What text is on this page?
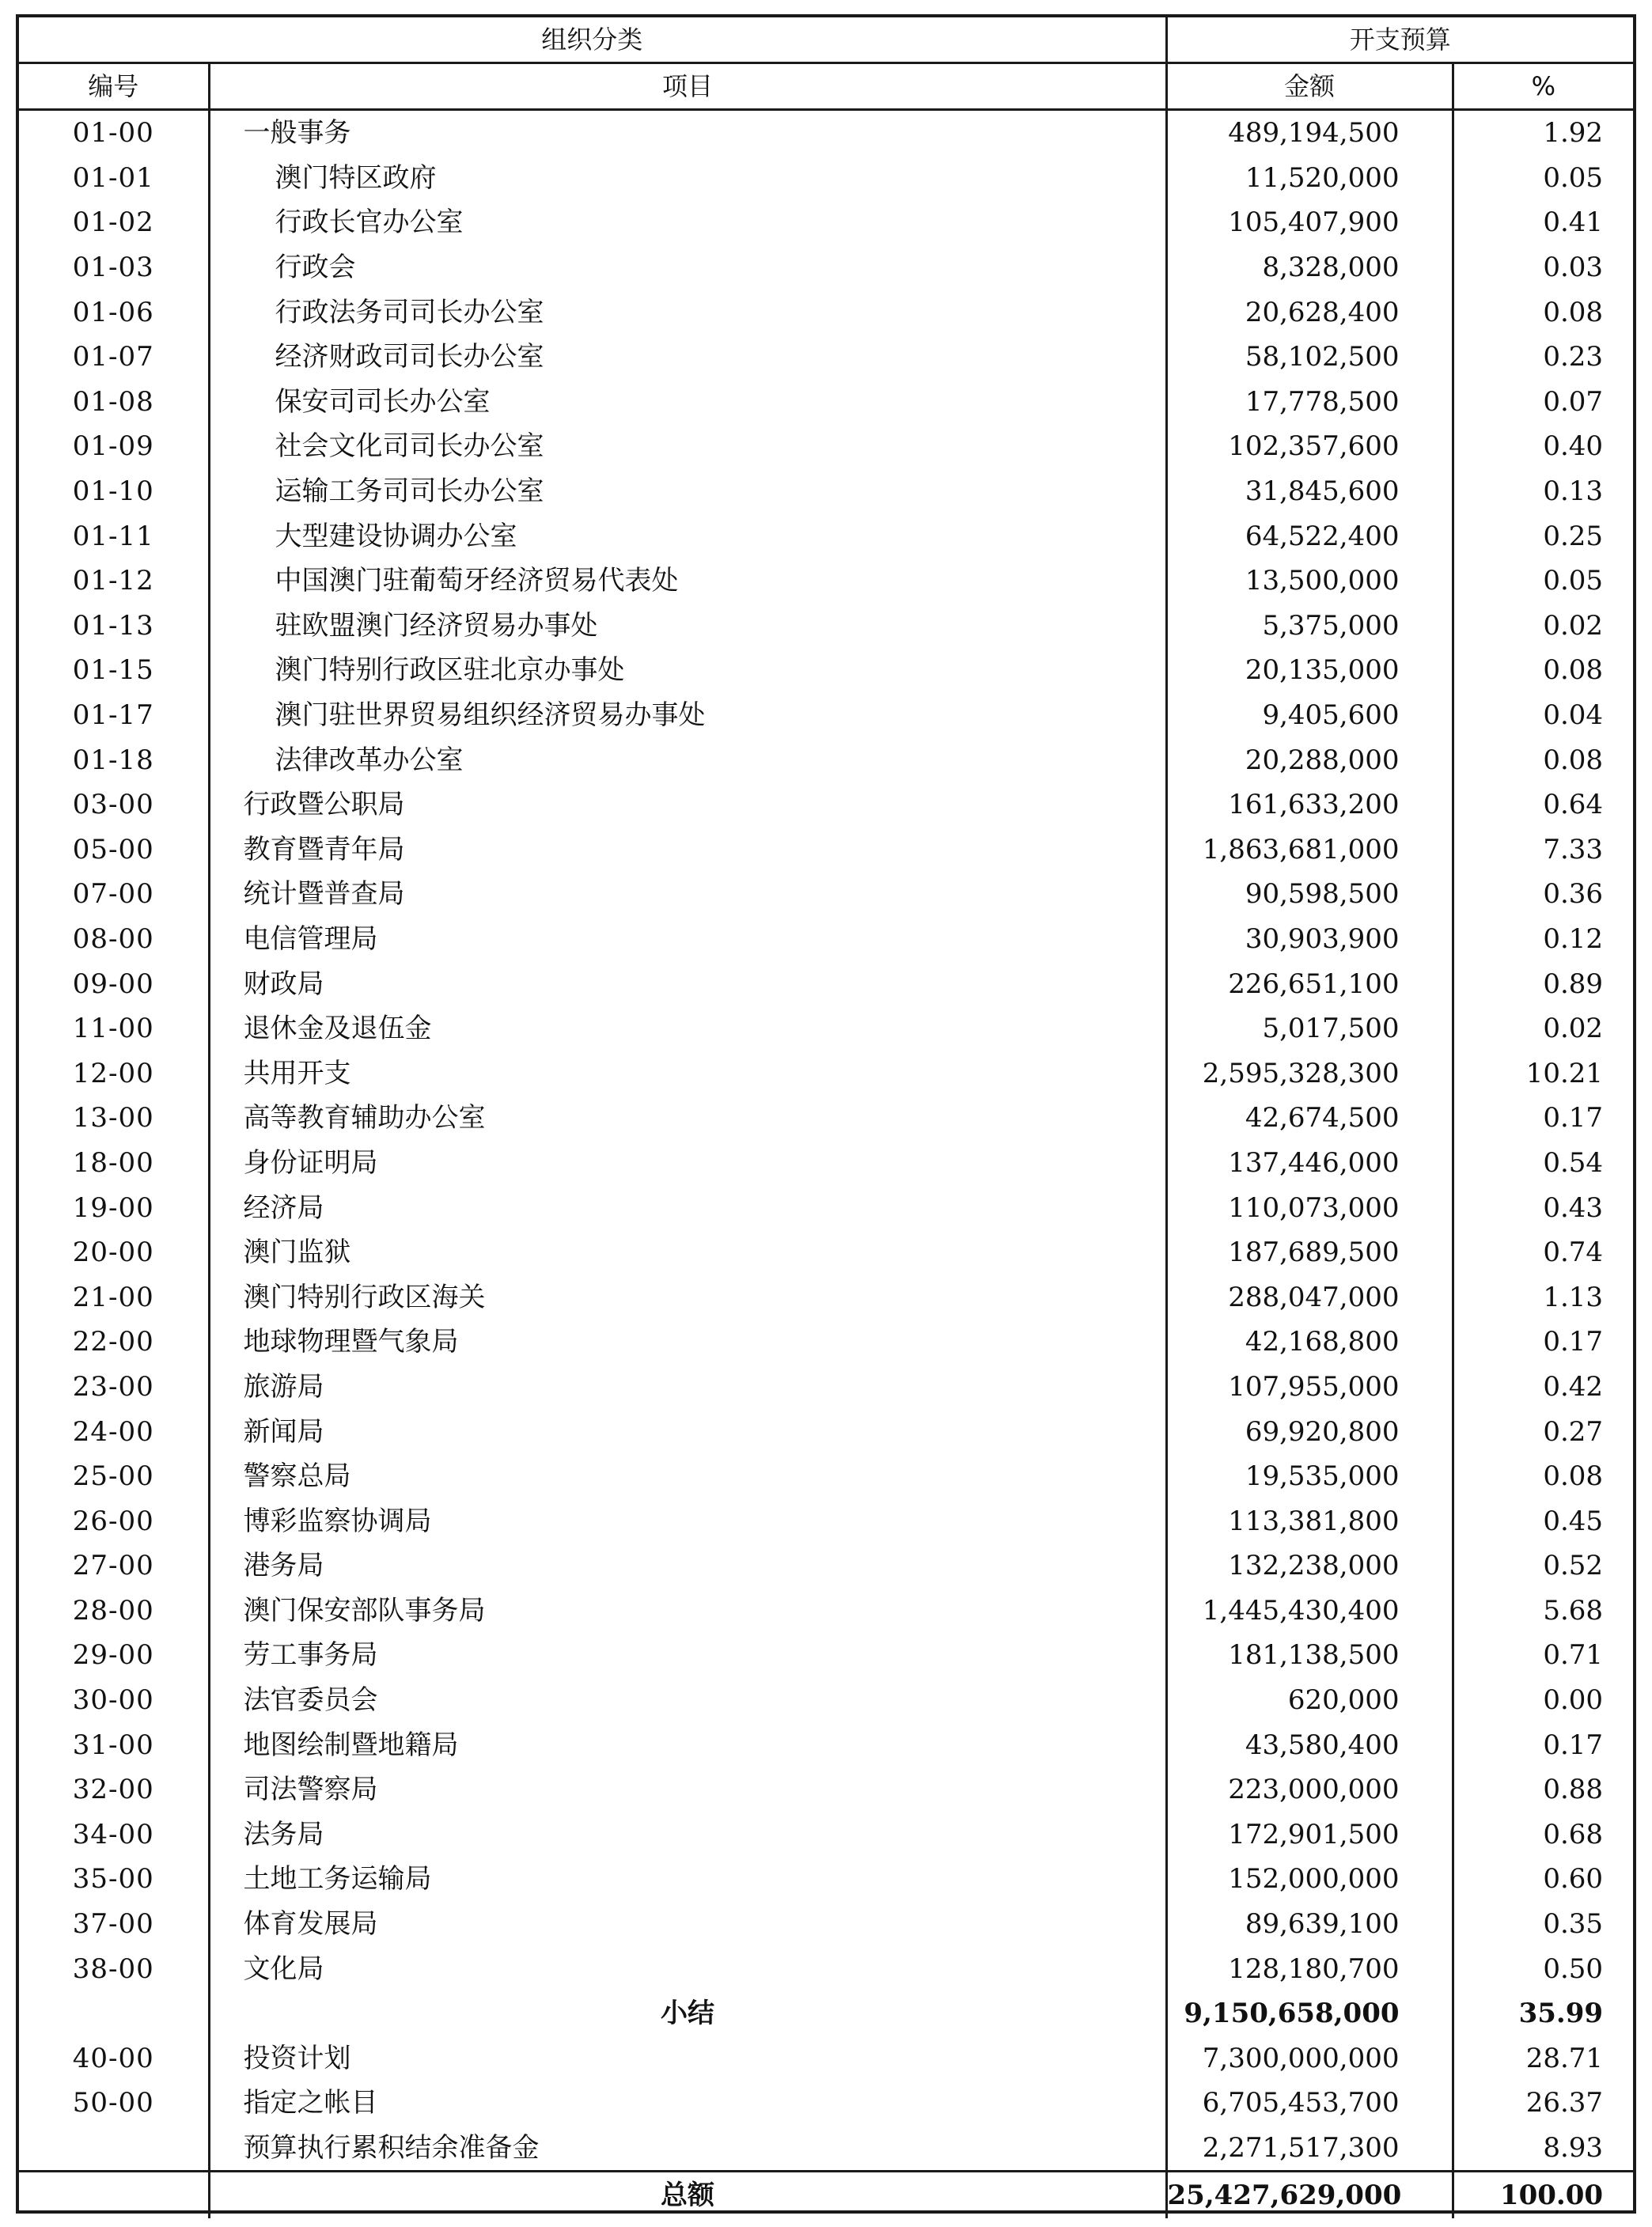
组织分类		开支预算	
编号	项目	金额	%
01-00	一般事务	489,194,500	1.92
01-01	澳门特区政府	11,520,000	0.05
01-02	行政长官办公室	105,407,900	0.41
01-03	行政会	8,328,000	0.03
01-06	行政法务司司长办公室	20,628,400	0.08
01-07	经济财政司司长办公室	58,102,500	0.23
01-08	保安司司长办公室	17,778,500	0.07
01-09	社会文化司司长办公室	102,357,600	0.40
01-10	运输工务司司长办公室	31,845,600	0.13
01-11	大型建设协调办公室	64,522,400	0.25
01-12	中国澳门驻葡萄牙经济贸易代表处	13,500,000	0.05
01-13	驻欧盟澳门经济贸易办事处	5,375,000	0.02
01-15	澳门特别行政区驻北京办事处	20,135,000	0.08
01-17	澳门驻世界贸易组织经济贸易办事处	9,405,600	0.04
01-18	法律改革办公室	20,288,000	0.08
03-00	行政暨公职局	161,633,200	0.64
05-00	教育暨青年局	1,863,681,000	7.33
07-00	统计暨普查局	90,598,500	0.36
08-00	电信管理局	30,903,900	0.12
09-00	财政局	226,651,100	0.89
11-00	退休金及退伍金	5,017,500	0.02
12-00	共用开支	2,595,328,300	10.21
13-00	高等教育辅助办公室	42,674,500	0.17
18-00	身份证明局	137,446,000	0.54
19-00	经济局	110,073,000	0.43
20-00	澳门监狱	187,689,500	0.74
21-00	澳门特别行政区海关	288,047,000	1.13
22-00	地球物理暨气象局	42,168,800	0.17
23-00	旅游局	107,955,000	0.42
24-00	新闻局	69,920,800	0.27
25-00	警察总局	19,535,000	0.08
26-00	博彩监察协调局	113,381,800	0.45
27-00	港务局	132,238,000	0.52
28-00	澳门保安部队事务局	1,445,430,400	5.68
29-00	劳工事务局	181,138,500	0.71
30-00	法官委员会	620,000	0.00
31-00	地图绘制暨地籍局	43,580,400	0.17
32-00	司法警察局	223,000,000	0.88
34-00	法务局	172,901,500	0.68
35-00	土地工务运输局	152,000,000	0.60
37-00	体育发展局	89,639,100	0.35
38-00	文化局	128,180,700	0.50
	小结	9,150,658,000	35.99
40-00	投资计划	7,300,000,000	28.71
50-00	指定之帐目	6,705,453,700	26.37
	预算执行累积结余准备金	2,271,517,300	8.93
	总额	25,427,629,000	100.00
